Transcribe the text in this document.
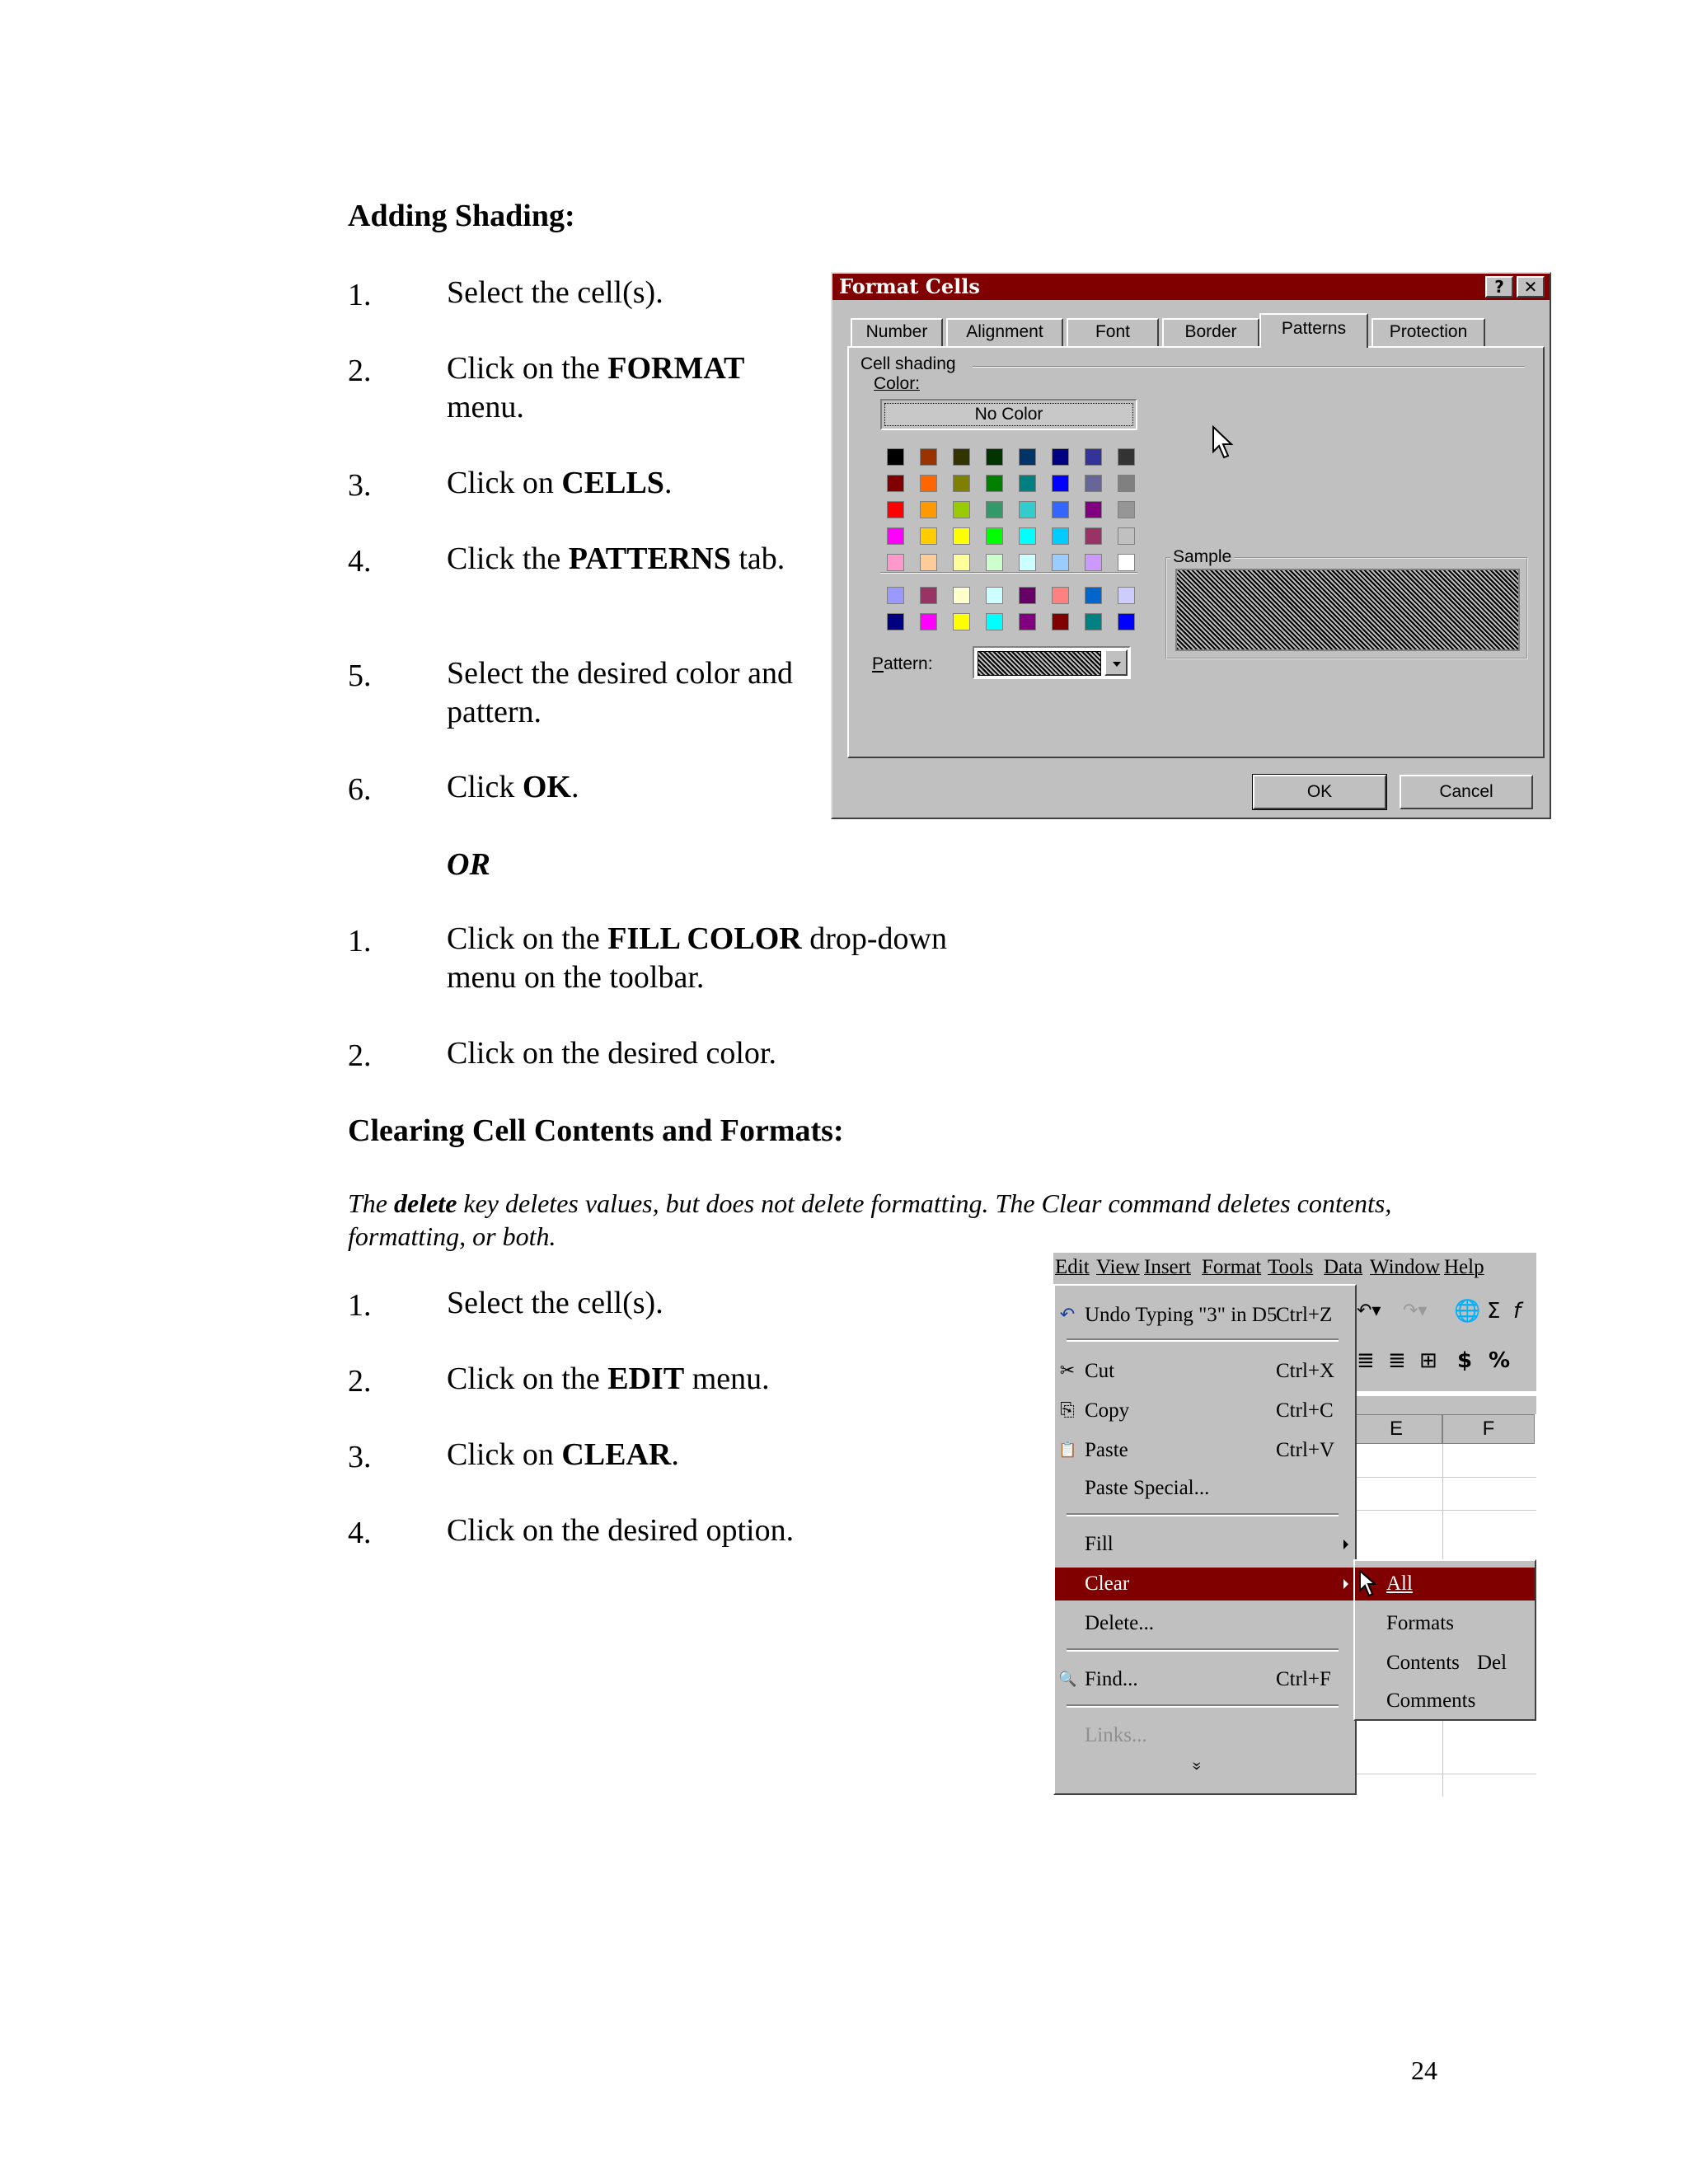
Adding Shading:
1. Select the cell(s).
2. Click on the FORMAT menu.
3. Click on CELLS.
4. Click the PATTERNS tab.
5. Select the desired color and pattern.
6. Click OK.
OR
1. Click on the FILL COLOR drop-down menu on the toolbar.
2. Click on the desired color.
Format Cells	?	✕
Number	Alignment	Font	Border	Patterns	Protection
Cell shading
Color:
No Color
Pattern:
Sample
OK	Cancel
Clearing Cell Contents and Formats:
The delete key deletes values, but does not delete formatting. The Clear command deletes contents, formatting, or both.
1. Select the cell(s).
2. Click on the EDIT menu.
3. Click on CLEAR.
4. Click on the desired option.
Edit View Insert Format Tools Data Window Help
↶▾ ↷▾ 🌐 Σ f
≣ ≣ ⊞ $ %
E	F
↶ Undo Typing "3" in D5
Ctrl+Z
✂ Cut	Ctrl+X
⎘ Copy	Ctrl+C
📋 Paste	Ctrl+V
Paste Special...
Fill
Clear
Delete...
🔍 Find...	Ctrl+F
Links...
»
All
Formats
Contents Del
Comments
24
